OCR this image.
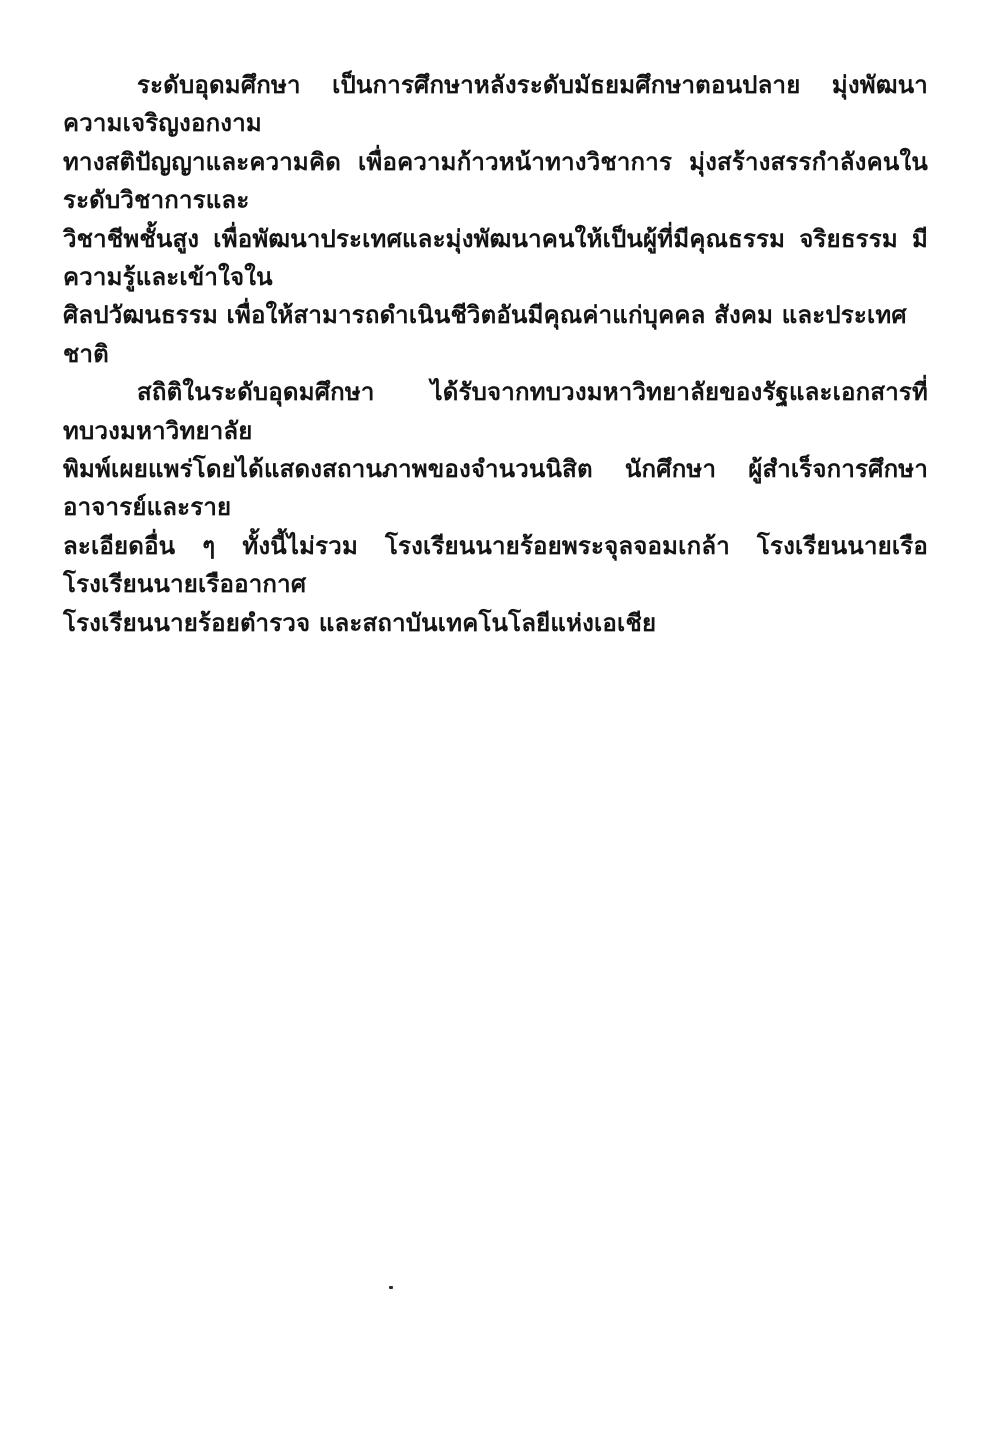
ระดับอุดมศึกษา เป็นการศึกษาหลังระดับมัธยมศึกษาตอนปลาย มุ่งพัฒนาความเจริญงอกงาม
ทางสติปัญญาและความคิด เพื่อความก้าวหน้าทางวิชาการ มุ่งสร้างสรรกำลังคนในระดับวิชาการและ
วิชาชีพชั้นสูง เพื่อพัฒนาประเทศและมุ่งพัฒนาคนให้เป็นผู้ที่มีคุณธรรม จริยธรรม มีความรู้และเข้าใจใน
ศิลปวัฒนธรรม เพื่อให้สามารถดำเนินชีวิตอันมีคุณค่าแก่บุคคล สังคม และประเทศชาติ
สถิติในระดับอุดมศึกษา ได้รับจากทบวงมหาวิทยาลัยของรัฐและเอกสารที่ทบวงมหาวิทยาลัย
พิมพ์เผยแพร่โดยได้แสดงสถานภาพของจำนวนนิสิต นักศึกษา ผู้สำเร็จการศึกษา อาจารย์และราย
ละเอียดอื่น ๆ ทั้งนี้ไม่รวม โรงเรียนนายร้อยพระจุลจอมเกล้า โรงเรียนนายเรือ โรงเรียนนายเรืออากาศ
โรงเรียนนายร้อยตำรวจ และสถาบันเทคโนโลยีแห่งเอเชีย
